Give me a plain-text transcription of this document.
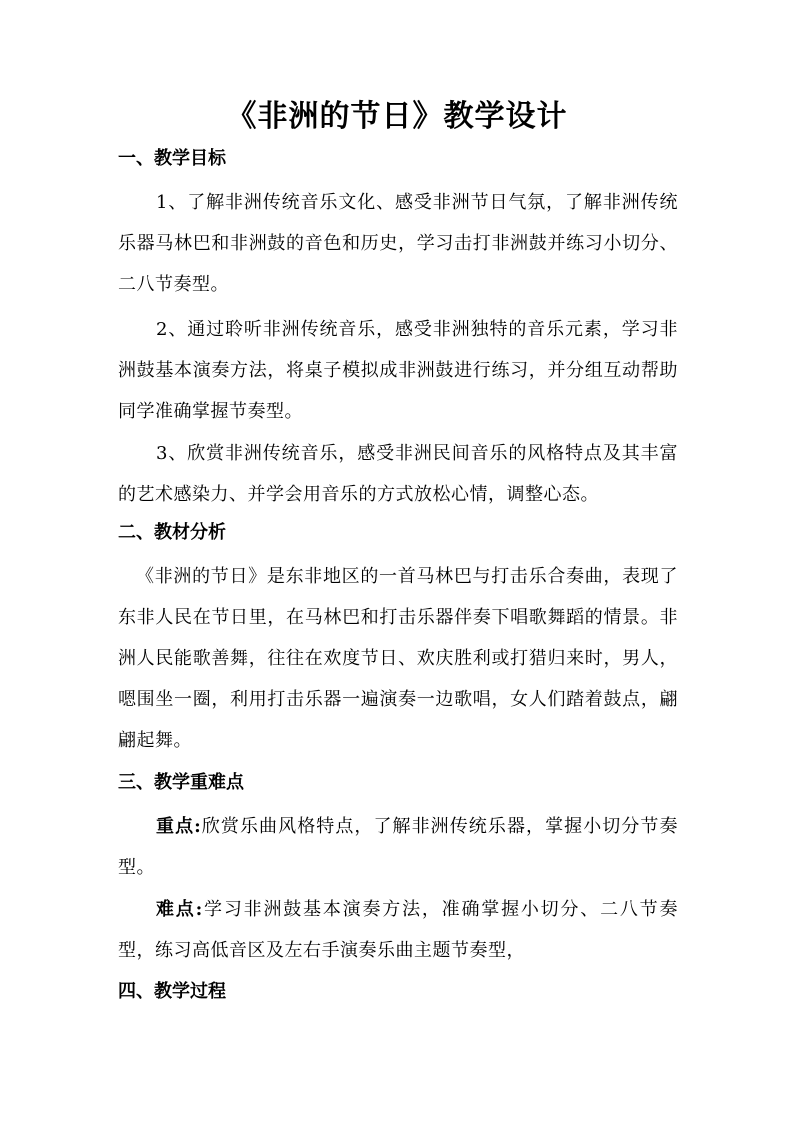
《非洲的节日》教学设计
一、教学目标
1、了解非洲传统音乐文化、感受非洲节日气氛，了解非洲传统乐器马林巴和非洲鼓的音色和历史，学习击打非洲鼓并练习小切分、二八节奏型。
2、通过聆听非洲传统音乐，感受非洲独特的音乐元素，学习非洲鼓基本演奏方法，将桌子模拟成非洲鼓进行练习，并分组互动帮助同学准确掌握节奏型。
3、欣赏非洲传统音乐，感受非洲民间音乐的风格特点及其丰富的艺术感染力、并学会用音乐的方式放松心情，调整心态。
二、教材分析
《非洲的节日》是东非地区的一首马林巴与打击乐合奏曲，表现了东非人民在节日里，在马林巴和打击乐器伴奏下唱歌舞蹈的情景。非洲人民能歌善舞，往往在欢度节日、欢庆胜利或打猎归来时，男人，嗯围坐一圈，利用打击乐器一遍演奏一边歌唱，女人们踏着鼓点，翩翩起舞。
三、教学重难点
重点:欣赏乐曲风格特点，了解非洲传统乐器，掌握小切分节奏型。
难点:学习非洲鼓基本演奏方法，准确掌握小切分、二八节奏型，练习高低音区及左右手演奏乐曲主题节奏型，
四、教学过程
